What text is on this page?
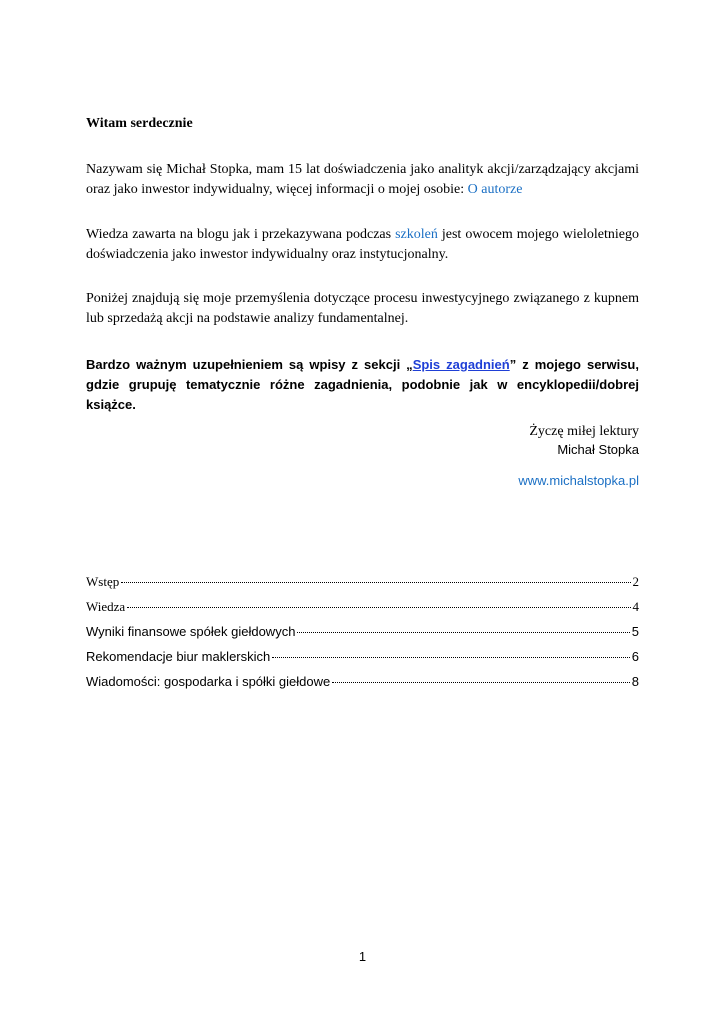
Witam serdecznie
Nazywam się Michał Stopka, mam 15 lat doświadczenia jako analityk akcji/zarządzający akcjami oraz jako inwestor indywidualny, więcej informacji o mojej osobie: O autorze
Wiedza zawarta na blogu jak i przekazywana podczas szkoleń jest owocem mojego wieloletniego doświadczenia jako inwestor indywidualny oraz instytucjonalny.
Poniżej znajdują się moje przemyślenia dotyczące procesu inwestycyjnego związanego z kupnem lub sprzedażą akcji na podstawie analizy fundamentalnej.
Bardzo ważnym uzupełnieniem są wpisy z sekcji „Spis zagadnień” z mojego serwisu, gdzie grupuję tematycznie różne zagadnienia, podobnie jak w encyklopedii/dobrej książce.
Życzę miłej lektury
Michał Stopka
www.michalstopka.pl
Wstęp	2
Wiedza	4
Wyniki finansowe spółek giełdowych	5
Rekomendacje biur maklerskich	6
Wiadomości: gospodarka i spółki giełdowe	8
1
